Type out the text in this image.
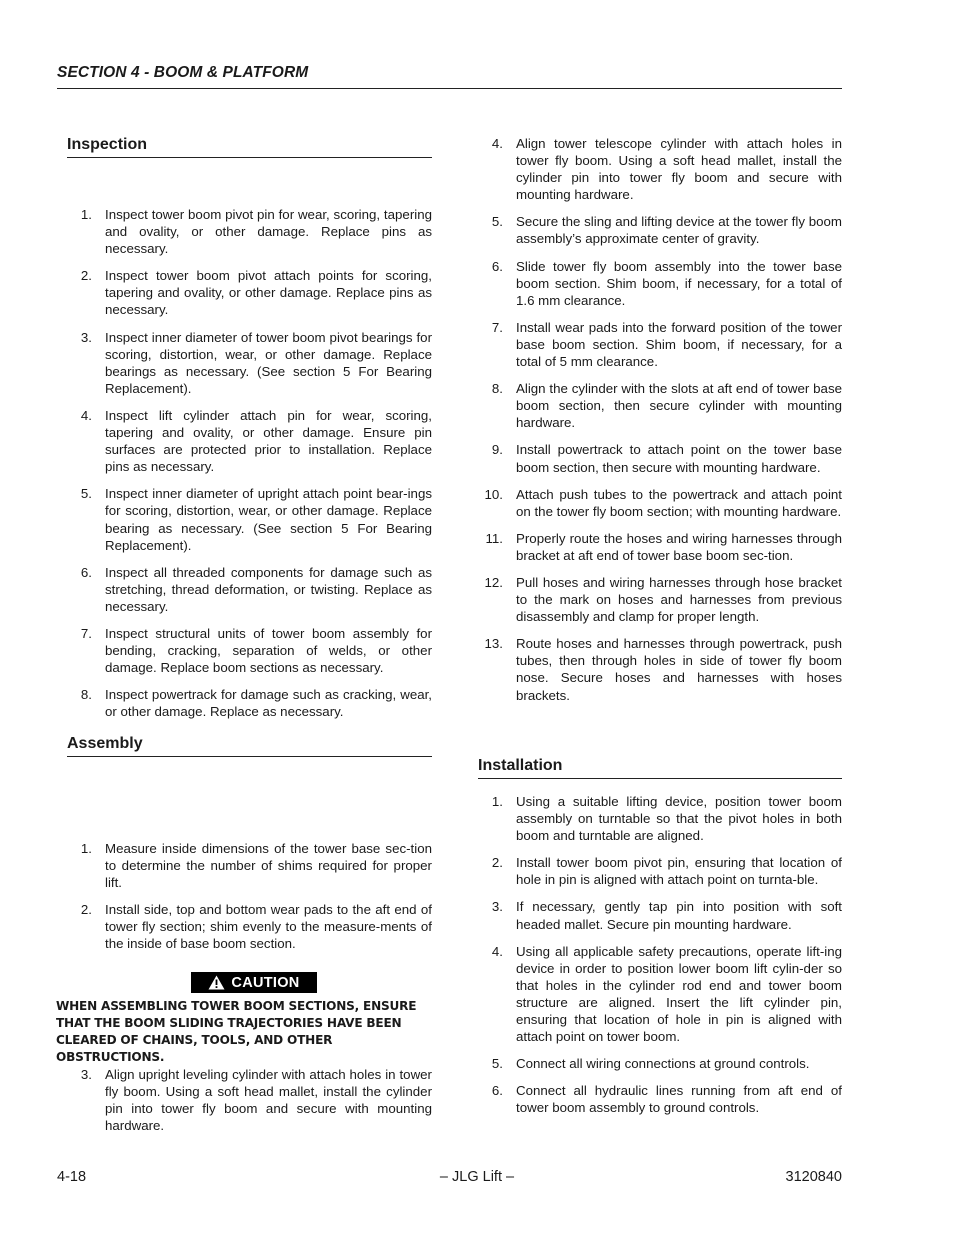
SECTION 4 - BOOM & PLATFORM
Inspection
1. Inspect tower boom pivot pin for wear, scoring, tapering and ovality, or other damage. Replace pins as necessary.
2. Inspect tower boom pivot attach points for scoring, tapering and ovality, or other damage. Replace pins as necessary.
3. Inspect inner diameter of tower boom pivot bearings for scoring, distortion, wear, or other damage. Replace bearings as necessary. (See section 5 For Bearing Replacement).
4. Inspect lift cylinder attach pin for wear, scoring, tapering and ovality, or other damage. Ensure pin surfaces are protected prior to installation. Replace pins as necessary.
5. Inspect inner diameter of upright attach point bear-ings for scoring, distortion, wear, or other damage. Replace bearing as necessary. (See section 5 For Bearing Replacement).
6. Inspect all threaded components for damage such as stretching, thread deformation, or twisting. Replace as necessary.
7. Inspect structural units of tower boom assembly for bending, cracking, separation of welds, or other damage. Replace boom sections as necessary.
8. Inspect powertrack for damage such as cracking, wear, or other damage. Replace as necessary.
Assembly
1. Measure inside dimensions of the tower base sec-tion to determine the number of shims required for proper lift.
2. Install side, top and bottom wear pads to the aft end of tower fly section; shim evenly to the measure-ments of the inside of base boom section.
CAUTION
WHEN ASSEMBLING TOWER BOOM SECTIONS, ENSURE THAT THE BOOM SLIDING TRAJECTORIES HAVE BEEN CLEARED OF CHAINS, TOOLS, AND OTHER OBSTRUCTIONS.
3. Align upright leveling cylinder with attach holes in tower fly boom. Using a soft head mallet, install the cylinder pin into tower fly boom and secure with mounting hardware.
4. Align tower telescope cylinder with attach holes in tower fly boom. Using a soft head mallet, install the cylinder pin into tower fly boom and secure with mounting hardware.
5. Secure the sling and lifting device at the tower fly boom assembly’s approximate center of gravity.
6. Slide tower fly boom assembly into the tower base boom section. Shim boom, if necessary, for a total of 1.6 mm clearance.
7. Install wear pads into the forward position of the tower base boom section. Shim boom, if necessary, for a total of 5 mm clearance.
8. Align the cylinder with the slots at aft end of tower base boom section, then secure cylinder with mounting hardware.
9. Install powertrack to attach point on the tower base boom section, then secure with mounting hardware.
10. Attach push tubes to the powertrack and attach point on the tower fly boom section; with mounting hardware.
11. Properly route the hoses and wiring harnesses through bracket at aft end of tower base boom sec-tion.
12. Pull hoses and wiring harnesses through hose bracket to the mark on hoses and harnesses from previous disassembly and clamp for proper length.
13. Route hoses and harnesses through powertrack, push tubes, then through holes in side of tower fly boom nose. Secure hoses and harnesses with hoses brackets.
Installation
1. Using a suitable lifting device, position tower boom assembly on turntable so that the pivot holes in both boom and turntable are aligned.
2. Install tower boom pivot pin, ensuring that location of hole in pin is aligned with attach point on turnta-ble.
3. If necessary, gently tap pin into position with soft headed mallet. Secure pin mounting hardware.
4. Using all applicable safety precautions, operate lift-ing device in order to position lower boom lift cylin-der so that holes in the cylinder rod end and tower boom structure are aligned. Insert the lift cylinder pin, ensuring that location of hole in pin is aligned with attach point on tower boom.
5. Connect all wiring connections at ground controls.
6. Connect all hydraulic lines running from aft end of tower boom assembly to ground controls.
4-18	– JLG Lift –	3120840
